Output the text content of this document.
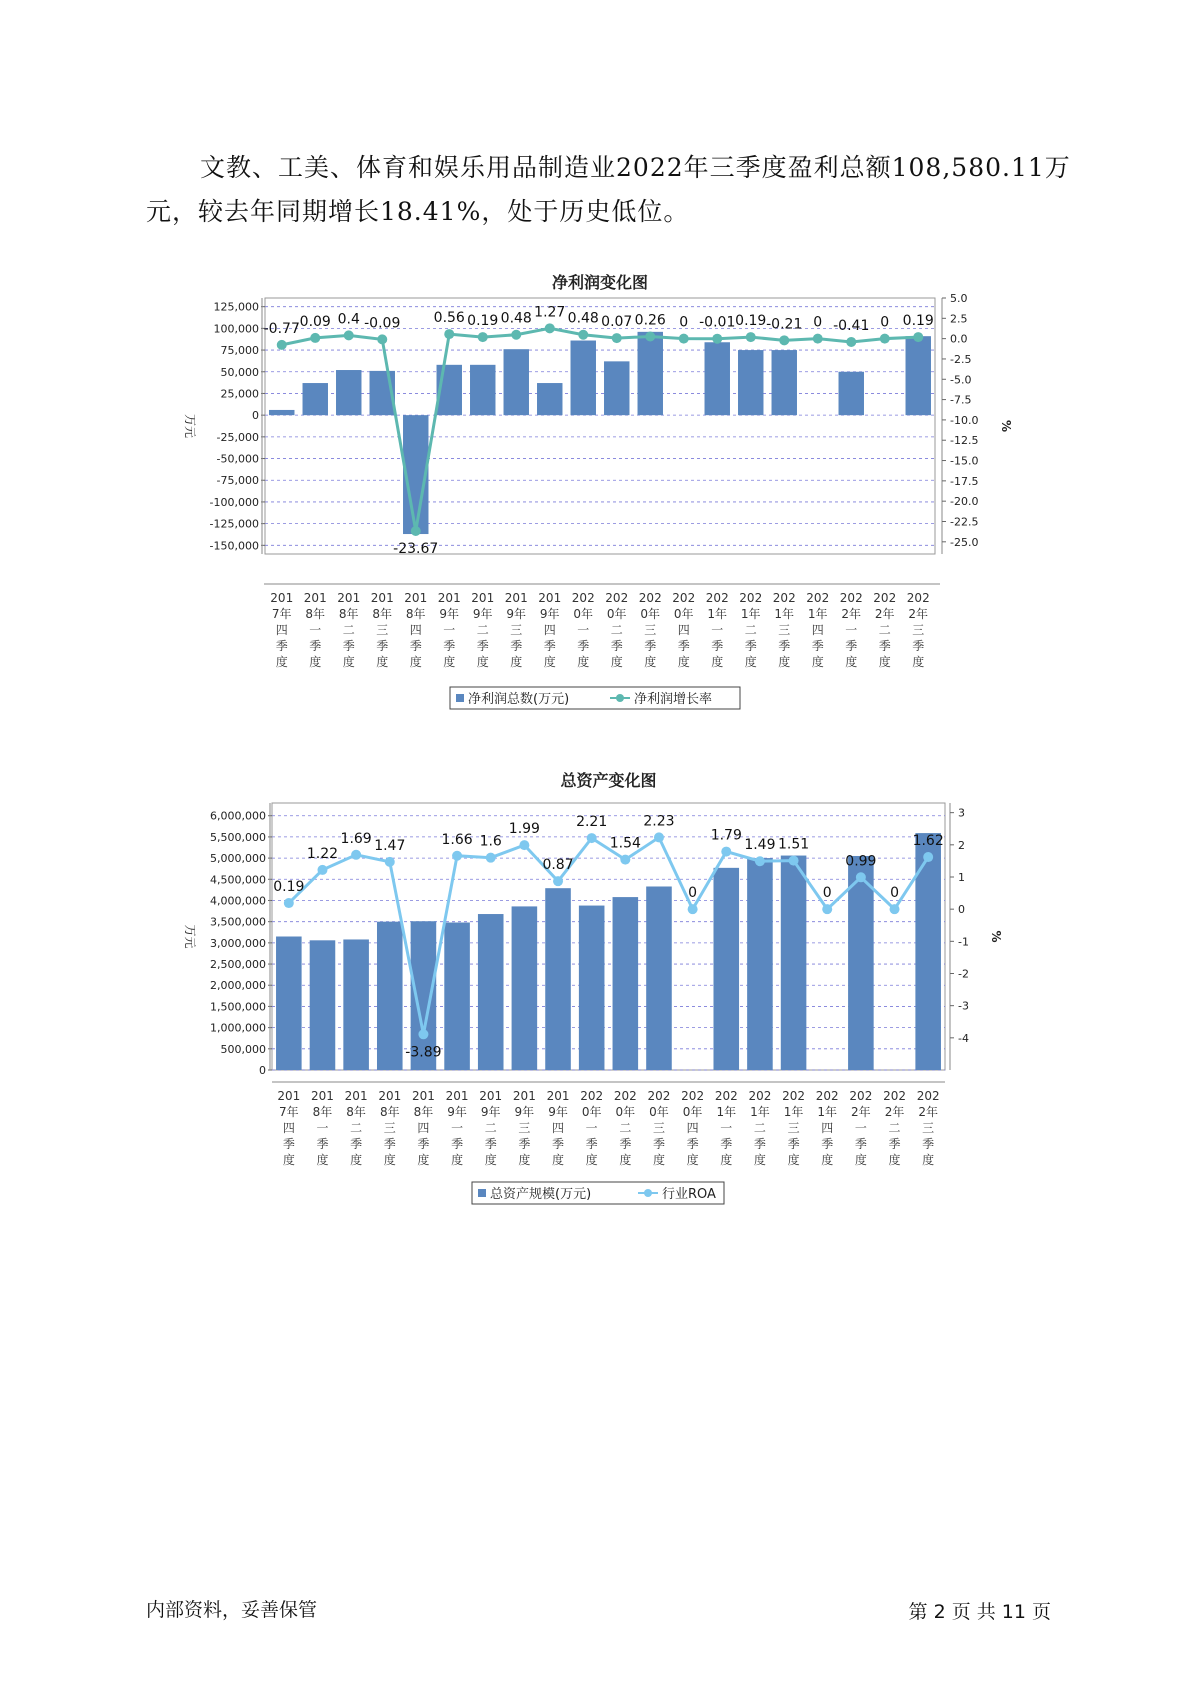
文教、工美、体育和娱乐用品制造业2022年三季度盈利总额108,580.11万元，较去年同期增长18.41%，处于历史低位。
净利润变化图
125,000
100,000
75,000
50,000
25,000
0
-25,000
-50,000
-75,000
-100,000
-125,000
-150,000
5.0
2.5
0.0
-2.5
-5.0
-7.5
-10.0
-12.5
-15.0
-17.5
-20.0
-22.5
-25.0
万元	%
-0.77 0.09 0.4 -0.09
-23.67
0.56 0.19 0.48 1.27 0.48 0.07 0.26 0 -0.01 0.19 -0.21 0 -0.41 0 0.19
201 7年四季度
201 8年一季度
201 8年二季度
201 8年三季度
201 8年四季度
201 9年一季度
201 9年二季度
201 9年三季度
201 9年四季度
202 0年一季度
202 0年二季度
202 0年三季度
202 0年四季度
202 1年一季度
202 1年二季度
202 1年三季度
202 1年四季度
202 2年一季度
202 2年二季度
202 2年三季度
净利润总数(万元)	净利润增长率
总资产变化图
6,000,000
5,500,000
5,000,000
4,500,000
4,000,000
3,500,000
3,000,000
2,500,000
2,000,000
1,500,000
1,000,000
500,000
0
3
2
1
0
-1
-2
-3
-4
万元	%
0.19
1.22
1.69 1.47
-3.89
1.66 1.6
1.99
0.87
2.21
1.54
2.23
0
1.79
1.49 1.51
0
0.99
0
1.62
201 7年四季度
201 8年一季度
201 8年二季度
201 8年三季度
201 8年四季度
201 9年一季度
201 9年二季度
201 9年三季度
201 9年四季度
202 0年一季度
202 0年二季度
202 0年三季度
202 0年四季度
202 1年一季度
202 1年二季度
202 1年三季度
202 1年四季度
202 2年一季度
202 2年二季度
202 2年三季度
总资产规模(万元)	行业ROA
内部资料，妥善保管	第 2 页 共 11 页
